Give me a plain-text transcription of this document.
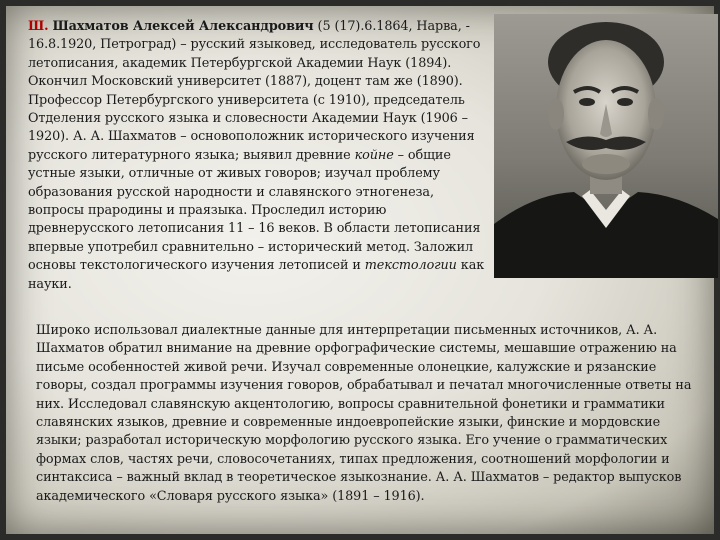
Ш. Шахматов Алексей Александрович (5 (17).6.1864, Нарва, -
16.8.1920, Петроград) – русский языковед, исследователь русского
летописания, академик Петербургской Академии Наук (1894).
Окончил Московский университет (1887), доцент там же (1890).
Профессор Петербургского университета (с 1910), председатель
Отделения русского языка и словесности Академии Наук (1906 –
1920). А. А. Шахматов – основоположник исторического изучения
русского литературного языка; выявил древние койне – общие
устные языки, отличные от живых говоров; изучал проблему
образования русской народности и славянского этногенеза,
вопросы прародины и праязыка. Проследил историю
древнерусского летописания 11 – 16 веков. В области летописания
впервые употребил сравнительно – исторический метод. Заложил
основы текстологического изучения летописей и текстологии как
науки.
Широко использовал диалектные данные для интерпретации письменных источников, А. А.
Шахматов обратил внимание на древние орфографические системы, мешавшие отражению на
письме особенностей живой речи. Изучал современные олонецкие, калужские и рязанские
говоры, создал программы изучения говоров, обрабатывал и печатал многочисленные ответы на
них. Исследовал славянскую акцентологию, вопросы сравнительной фонетики и грамматики
славянских языков, древние и современные индоевропейские языки, финские и мордовские
языки; разработал историческую морфологию русского языка. Его учение о грамматических
формах слов, частях речи, словосочетаниях, типах предложения, соотношений морфологии и
синтаксиса – важный вклад в теоретическое языкознание. А. А. Шахматов – редактор выпусков
академического «Словаря русского языка» (1891 – 1916).
